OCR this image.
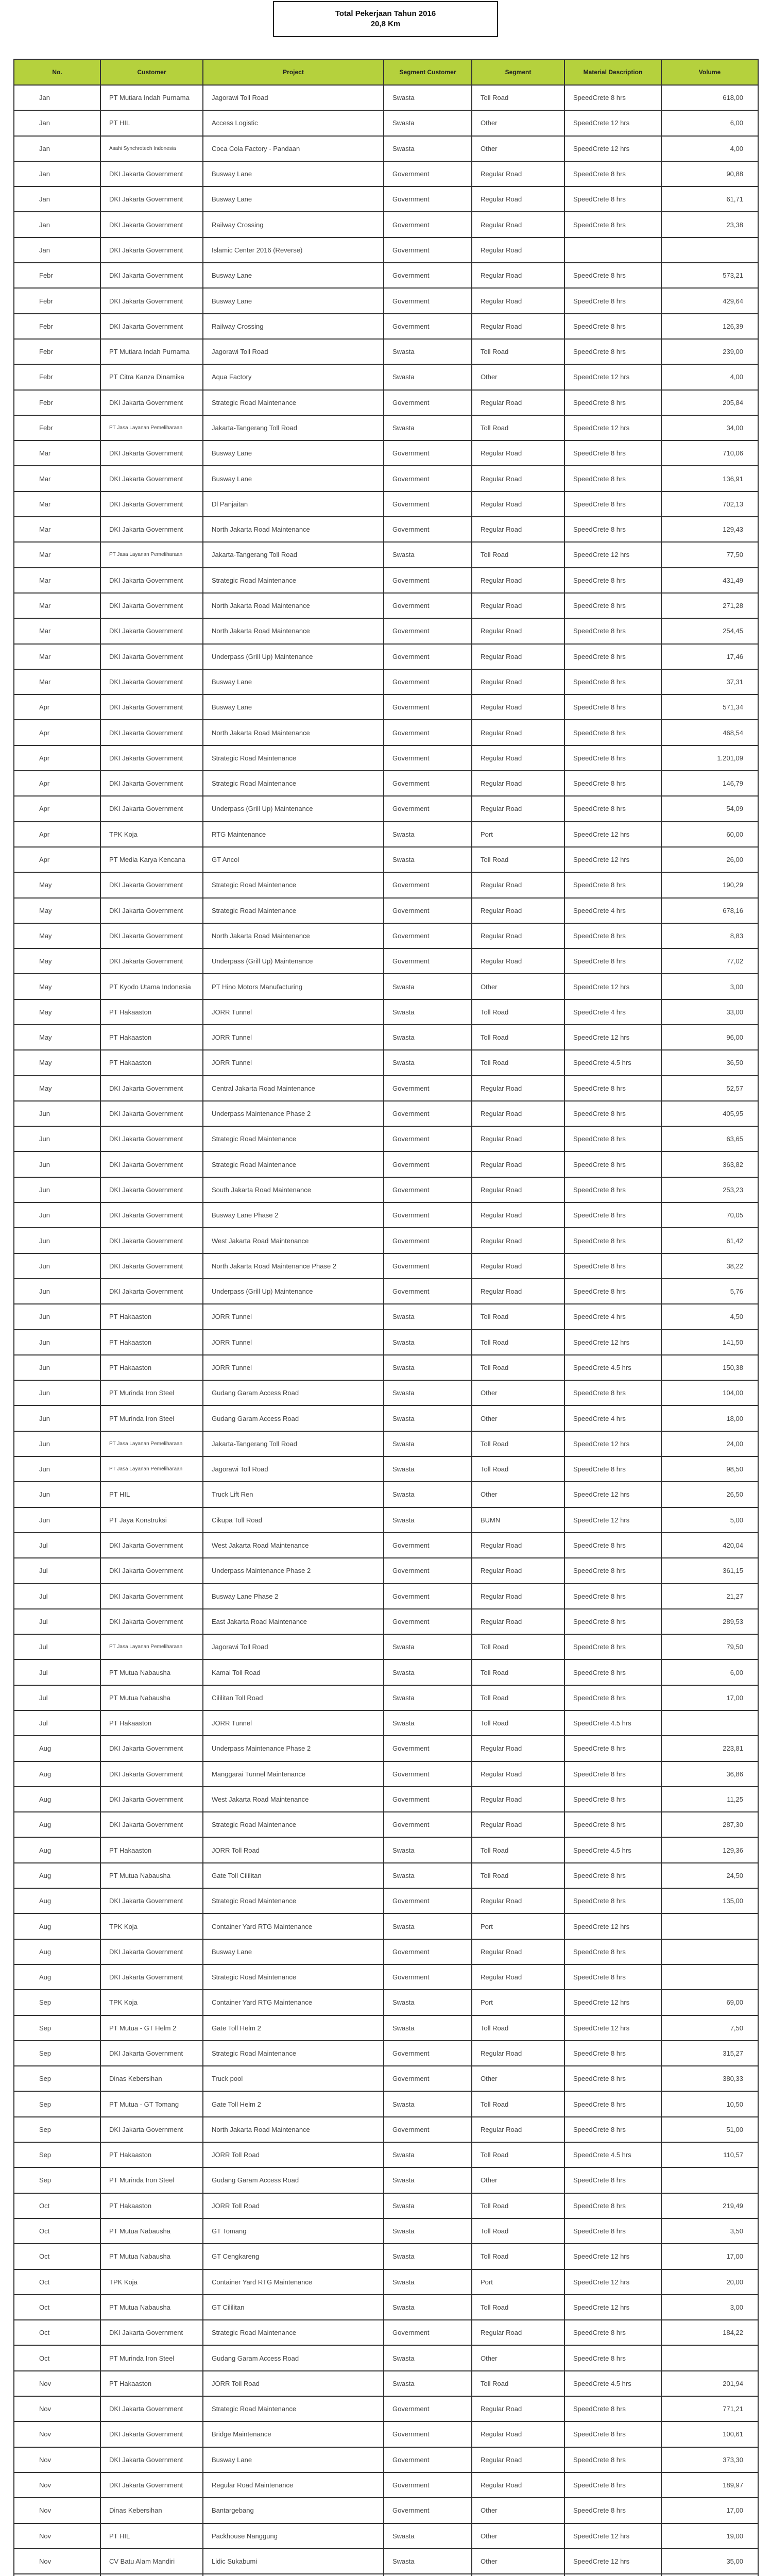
Total Pekerjaan Tahun 2016
20,8 Km
No.	Customer	Project	Segment Customer	Segment	Material Description	Volume
Jan	PT Mutiara Indah Purnama	Jagorawi Toll Road	Swasta	Toll Road	SpeedCrete 8 hrs	618,00
Jan	PT HIL	Access Logistic	Swasta	Other	SpeedCrete 12 hrs	6,00
Jan	Asahi Synchrotech Indonesia	Coca Cola Factory - Pandaan	Swasta	Other	SpeedCrete 12 hrs	4,00
Jan	DKI Jakarta Government	Busway Lane	Government	Regular Road	SpeedCrete 8 hrs	90,88
Jan	DKI Jakarta Government	Busway Lane	Government	Regular Road	SpeedCrete 8 hrs	61,71
Jan	DKI Jakarta Government	Railway Crossing	Government	Regular Road	SpeedCrete 8 hrs	23,38
Jan	DKI Jakarta Government	Islamic Center 2016 (Reverse)	Government	Regular Road		
Febr	DKI Jakarta Government	Busway Lane	Government	Regular Road	SpeedCrete 8 hrs	573,21
Febr	DKI Jakarta Government	Busway Lane	Government	Regular Road	SpeedCrete 8 hrs	429,64
Febr	DKI Jakarta Government	Railway Crossing	Government	Regular Road	SpeedCrete 8 hrs	126,39
Febr	PT Mutiara Indah Purnama	Jagorawi Toll Road	Swasta	Toll Road	SpeedCrete 8 hrs	239,00
Febr	PT Citra Kanza Dinamika	Aqua Factory	Swasta	Other	SpeedCrete 12 hrs	4,00
Febr	DKI Jakarta Government	Strategic Road Maintenance	Government	Regular Road	SpeedCrete 8 hrs	205,84
Febr	PT Jasa Layanan Pemeliharaan	Jakarta-Tangerang Toll Road	Swasta	Toll Road	SpeedCrete 12 hrs	34,00
Mar	DKI Jakarta Government	Busway Lane	Government	Regular Road	SpeedCrete 8 hrs	710,06
Mar	DKI Jakarta Government	Busway Lane	Government	Regular Road	SpeedCrete 8 hrs	136,91
Mar	DKI Jakarta Government	Dl Panjaitan	Government	Regular Road	SpeedCrete 8 hrs	702,13
Mar	DKI Jakarta Government	North Jakarta Road Maintenance	Government	Regular Road	SpeedCrete 8 hrs	129,43
Mar	PT Jasa Layanan Pemeliharaan	Jakarta-Tangerang Toll Road	Swasta	Toll Road	SpeedCrete 12 hrs	77,50
Mar	DKI Jakarta Government	Strategic Road Maintenance	Government	Regular Road	SpeedCrete 8 hrs	431,49
Mar	DKI Jakarta Government	North Jakarta Road Maintenance	Government	Regular Road	SpeedCrete 8 hrs	271,28
Mar	DKI Jakarta Government	North Jakarta Road Maintenance	Government	Regular Road	SpeedCrete 8 hrs	254,45
Mar	DKI Jakarta Government	Underpass (Grill Up) Maintenance	Government	Regular Road	SpeedCrete 8 hrs	17,46
Mar	DKI Jakarta Government	Busway Lane	Government	Regular Road	SpeedCrete 8 hrs	37,31
Apr	DKI Jakarta Government	Busway Lane	Government	Regular Road	SpeedCrete 8 hrs	571,34
Apr	DKI Jakarta Government	North Jakarta Road Maintenance	Government	Regular Road	SpeedCrete 8 hrs	468,54
Apr	DKI Jakarta Government	Strategic Road Maintenance	Government	Regular Road	SpeedCrete 8 hrs	1.201,09
Apr	DKI Jakarta Government	Strategic Road Maintenance	Government	Regular Road	SpeedCrete 8 hrs	146,79
Apr	DKI Jakarta Government	Underpass (Grill Up) Maintenance	Government	Regular Road	SpeedCrete 8 hrs	54,09
Apr	TPK Koja	RTG Maintenance	Swasta	Port	SpeedCrete 12 hrs	60,00
Apr	PT Media Karya Kencana	GT Ancol	Swasta	Toll Road	SpeedCrete 12 hrs	26,00
May	DKI Jakarta Government	Strategic Road Maintenance	Government	Regular Road	SpeedCrete 8 hrs	190,29
May	DKI Jakarta Government	Strategic Road Maintenance	Government	Regular Road	SpeedCrete 4 hrs	678,16
May	DKI Jakarta Government	North Jakarta Road Maintenance	Government	Regular Road	SpeedCrete 8 hrs	8,83
May	DKI Jakarta Government	Underpass (Grill Up) Maintenance	Government	Regular Road	SpeedCrete 8 hrs	77,02
May	PT Kyodo Utama Indonesia	PT Hino Motors Manufacturing	Swasta	Other	SpeedCrete 12 hrs	3,00
May	PT Hakaaston	JORR Tunnel	Swasta	Toll Road	SpeedCrete 4 hrs	33,00
May	PT Hakaaston	JORR Tunnel	Swasta	Toll Road	SpeedCrete 12 hrs	96,00
May	PT Hakaaston	JORR Tunnel	Swasta	Toll Road	SpeedCrete 4.5 hrs	36,50
May	DKI Jakarta Government	Central Jakarta Road Maintenance	Government	Regular Road	SpeedCrete 8 hrs	52,57
Jun	DKI Jakarta Government	Underpass Maintenance Phase 2	Government	Regular Road	SpeedCrete 8 hrs	405,95
Jun	DKI Jakarta Government	Strategic Road Maintenance	Government	Regular Road	SpeedCrete 8 hrs	63,65
Jun	DKI Jakarta Government	Strategic Road Maintenance	Government	Regular Road	SpeedCrete 8 hrs	363,82
Jun	DKI Jakarta Government	South Jakarta Road Maintenance	Government	Regular Road	SpeedCrete 8 hrs	253,23
Jun	DKI Jakarta Government	Busway Lane Phase 2	Government	Regular Road	SpeedCrete 8 hrs	70,05
Jun	DKI Jakarta Government	West Jakarta Road Maintenance	Government	Regular Road	SpeedCrete 8 hrs	61,42
Jun	DKI Jakarta Government	North Jakarta Road Maintenance Phase 2	Government	Regular Road	SpeedCrete 8 hrs	38,22
Jun	DKI Jakarta Government	Underpass (Grill Up) Maintenance	Government	Regular Road	SpeedCrete 8 hrs	5,76
Jun	PT Hakaaston	JORR Tunnel	Swasta	Toll Road	SpeedCrete 4 hrs	4,50
Jun	PT Hakaaston	JORR Tunnel	Swasta	Toll Road	SpeedCrete 12 hrs	141,50
Jun	PT Hakaaston	JORR Tunnel	Swasta	Toll Road	SpeedCrete 4.5 hrs	150,38
Jun	PT Murinda Iron Steel	Gudang Garam Access Road	Swasta	Other	SpeedCrete 8 hrs	104,00
Jun	PT Murinda Iron Steel	Gudang Garam Access Road	Swasta	Other	SpeedCrete 4 hrs	18,00
Jun	PT Jasa Layanan Pemeliharaan	Jakarta-Tangerang Toll Road	Swasta	Toll Road	SpeedCrete 12 hrs	24,00
Jun	PT Jasa Layanan Pemeliharaan	Jagorawi Toll Road	Swasta	Toll Road	SpeedCrete 8 hrs	98,50
Jun	PT HIL	Truck Lift Ren	Swasta	Other	SpeedCrete 12 hrs	26,50
Jun	PT Jaya Konstruksi	Cikupa Toll Road	Swasta	BUMN	SpeedCrete 12 hrs	5,00
Jul	DKI Jakarta Government	West Jakarta Road Maintenance	Government	Regular Road	SpeedCrete 8 hrs	420,04
Jul	DKI Jakarta Government	Underpass Maintenance Phase 2	Government	Regular Road	SpeedCrete 8 hrs	361,15
Jul	DKI Jakarta Government	Busway Lane Phase 2	Government	Regular Road	SpeedCrete 8 hrs	21,27
Jul	DKI Jakarta Government	East Jakarta Road Maintenance	Government	Regular Road	SpeedCrete 8 hrs	289,53
Jul	PT Jasa Layanan Pemeliharaan	Jagorawi Toll Road	Swasta	Toll Road	SpeedCrete 8 hrs	79,50
Jul	PT Mutua Nabausha	Kamal Toll Road	Swasta	Toll Road	SpeedCrete 8 hrs	6,00
Jul	PT Mutua Nabausha	Cililitan Toll Road	Swasta	Toll Road	SpeedCrete 8 hrs	17,00
Jul	PT Hakaaston	JORR Tunnel	Swasta	Toll Road	SpeedCrete 4.5 hrs	
Aug	DKI Jakarta Government	Underpass Maintenance Phase 2	Government	Regular Road	SpeedCrete 8 hrs	223,81
Aug	DKI Jakarta Government	Manggarai Tunnel Maintenance	Government	Regular Road	SpeedCrete 8 hrs	36,86
Aug	DKI Jakarta Government	West Jakarta Road Maintenance	Government	Regular Road	SpeedCrete 8 hrs	11,25
Aug	DKI Jakarta Government	Strategic Road Maintenance	Government	Regular Road	SpeedCrete 8 hrs	287,30
Aug	PT Hakaaston	JORR Toll Road	Swasta	Toll Road	SpeedCrete 4.5 hrs	129,36
Aug	PT Mutua Nabausha	Gate Toll Cililitan	Swasta	Toll Road	SpeedCrete 8 hrs	24,50
Aug	DKI Jakarta Government	Strategic Road Maintenance	Government	Regular Road	SpeedCrete 8 hrs	135,00
Aug	TPK Koja	Container Yard RTG Maintenance	Swasta	Port	SpeedCrete 12 hrs	
Aug	DKI Jakarta Government	Busway Lane	Government	Regular Road	SpeedCrete 8 hrs	
Aug	DKI Jakarta Government	Strategic Road Maintenance	Government	Regular Road	SpeedCrete 8 hrs	
Sep	TPK Koja	Container Yard RTG Maintenance	Swasta	Port	SpeedCrete 12 hrs	69,00
Sep	PT Mutua - GT Helm 2	Gate Toll Helm 2	Swasta	Toll Road	SpeedCrete 12 hrs	7,50
Sep	DKI Jakarta Government	Strategic Road Maintenance	Government	Regular Road	SpeedCrete 8 hrs	315,27
Sep	Dinas Kebersihan	Truck pool	Government	Other	SpeedCrete 8 hrs	380,33
Sep	PT Mutua - GT Tomang	Gate Toll Helm 2	Swasta	Toll Road	SpeedCrete 8 hrs	10,50
Sep	DKI Jakarta Government	North Jakarta Road Maintenance	Government	Regular Road	SpeedCrete 8 hrs	51,00
Sep	PT Hakaaston	JORR Toll Road	Swasta	Toll Road	SpeedCrete 4.5 hrs	110,57
Sep	PT Murinda Iron Steel	Gudang Garam Access Road	Swasta	Other	SpeedCrete 8 hrs	
Oct	PT Hakaaston	JORR Toll Road	Swasta	Toll Road	SpeedCrete 8 hrs	219,49
Oct	PT Mutua Nabausha	GT Tomang	Swasta	Toll Road	SpeedCrete 8 hrs	3,50
Oct	PT Mutua Nabausha	GT Cengkareng	Swasta	Toll Road	SpeedCrete 12 hrs	17,00
Oct	TPK Koja	Container Yard RTG Maintenance	Swasta	Port	SpeedCrete 12 hrs	20,00
Oct	PT Mutua Nabausha	GT Cililitan	Swasta	Toll Road	SpeedCrete 12 hrs	3,00
Oct	DKI Jakarta Government	Strategic Road Maintenance	Government	Regular Road	SpeedCrete 8 hrs	184,22
Oct	PT Murinda Iron Steel	Gudang Garam Access Road	Swasta	Other	SpeedCrete 8 hrs	
Nov	PT Hakaaston	JORR Toll Road	Swasta	Toll Road	SpeedCrete 4.5 hrs	201,94
Nov	DKI Jakarta Government	Strategic Road Maintenance	Government	Regular Road	SpeedCrete 8 hrs	771,21
Nov	DKI Jakarta Government	Bridge Maintenance	Government	Regular Road	SpeedCrete 8 hrs	100,61
Nov	DKI Jakarta Government	Busway Lane	Government	Regular Road	SpeedCrete 8 hrs	373,30
Nov	DKI Jakarta Government	Regular Road Maintenance	Government	Regular Road	SpeedCrete 8 hrs	189,97
Nov	Dinas Kebersihan	Bantargebang	Government	Other	SpeedCrete 8 hrs	17,00
Nov	PT HIL	Packhouse Nanggung	Swasta	Other	SpeedCrete 12 hrs	19,00
Nov	CV Batu Alam Mandiri	Lidic Sukabumi	Swasta	Other	SpeedCrete 12 hrs	35,00
